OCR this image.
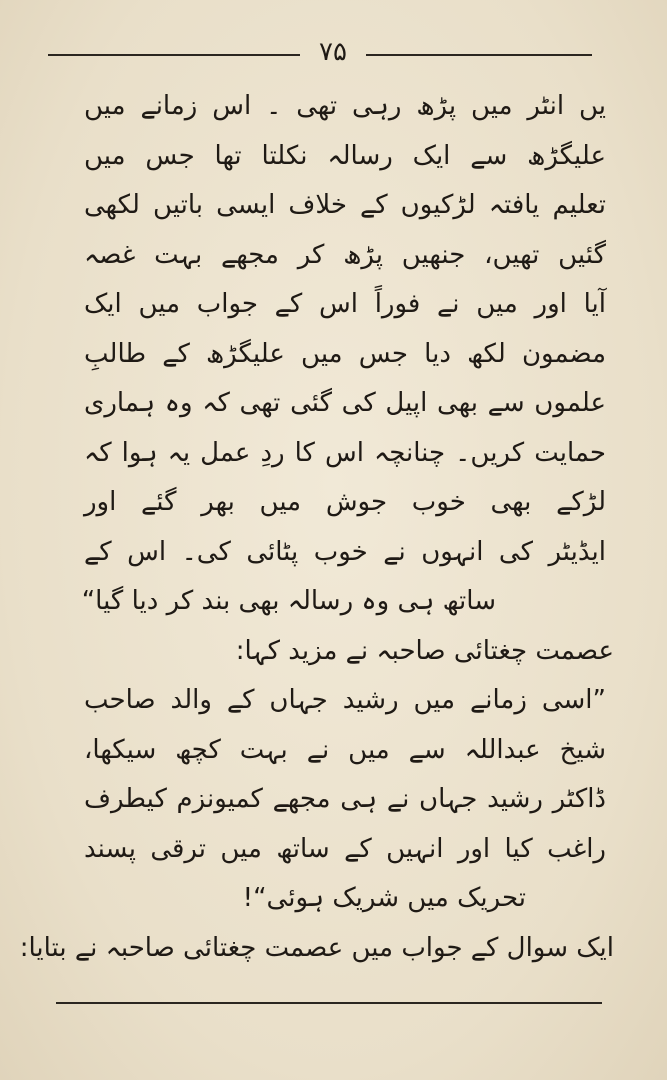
۷۵
یں انٹر میں پڑھ رہی تھی ۔ اس زمانے میں
علیگڑھ سے ایک رسالہ نکلتا تھا جس میں
تعلیم یافتہ لڑکیوں کے خلاف ایسی باتیں لکھی
گئیں تھیں، جنھیں پڑھ کر مجھے بہت غصہ
آیا اور میں نے فوراً اس کے جواب میں ایک
مضمون لکھ دیا جس میں علیگڑھ کے طالبِ
علموں سے بھی اپیل کی گئی تھی کہ وہ ہماری
حمایت کریں۔ چنانچہ اس کا ردِ عمل یہ ہوا کہ
لڑکے بھی خوب جوش میں بھر گئے اور
ایڈیٹر کی انہوں نے خوب پٹائی کی۔ اس کے
ساتھ ہی وہ رسالہ بھی بند کر دیا گیا“
عصمت چغتائی صاحبہ نے مزید کہا:
”اسی زمانے میں رشید جہاں کے والد صاحب
شیخ عبداللہ سے میں نے بہت کچھ سیکھا،
ڈاکٹر رشید جہاں نے ہی مجھے کمیونزم کیطرف
راغب کیا اور انہیں کے ساتھ میں ترقی پسند
تحریک میں شریک ہوئی“!
ایک سوال کے جواب میں عصمت چغتائی صاحبہ نے بتایا:
